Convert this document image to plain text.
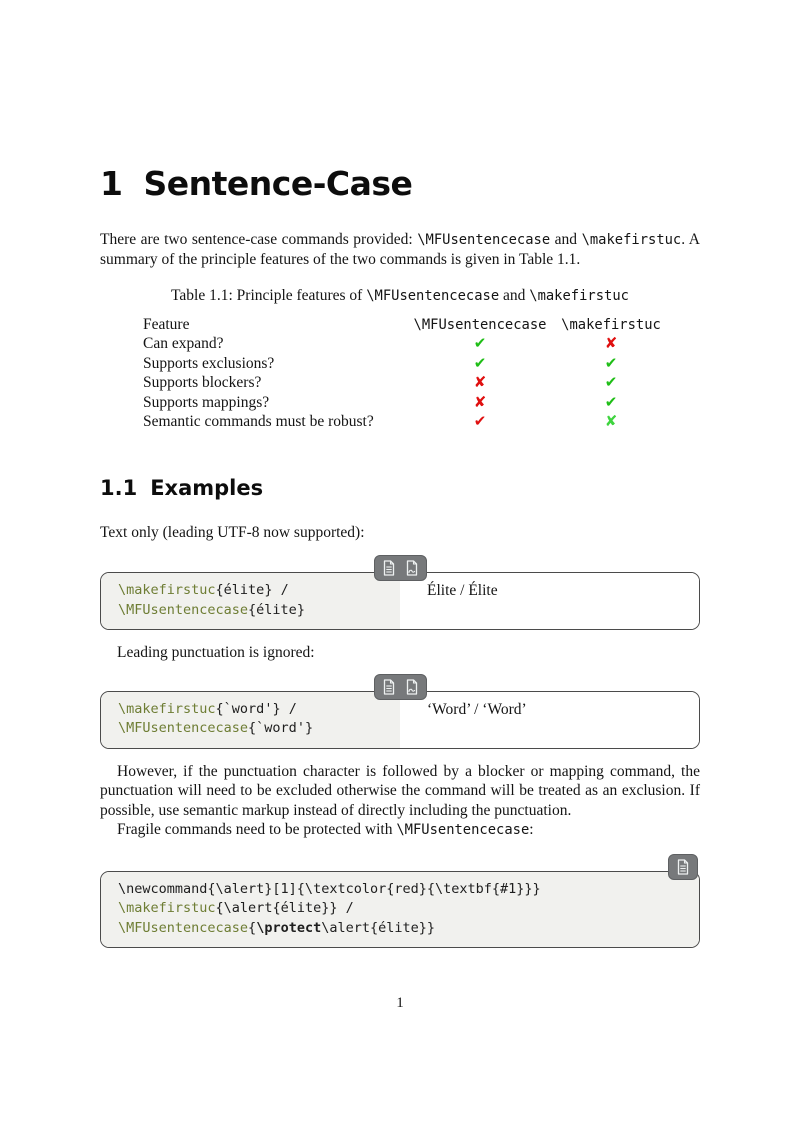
1 Sentence-Case

There are two sentence-case commands provided: \MFUsentencecase and \makefirstuc. A summary of the principle features of the two commands is given in Table 1.1.

Table 1.1: Principle features of \MFUsentencecase and \makefirstuc
Feature	\MFUsentencecase	\makefirstuc
Can expand?	✔	✘
Supports exclusions?	✔	✔
Supports blockers?	✘	✔
Supports mappings?	✘	✔
Semantic commands must be robust?	✔	✘
1.1 Examples

Text only (leading UTF-8 now supported):

\makefirstuc{élite} /
\MFUsentencecase{élite}
Élite / Élite

Leading punctuation is ignored:

\makefirstuc{`word'} /
\MFUsentencecase{`word'}
‘Word’ / ‘Word’

However, if the punctuation character is followed by a blocker or mapping command, the punctuation will need to be excluded otherwise the command will be treated as an exclusion. If possible, use semantic markup instead of directly including the punctuation.

Fragile commands need to be protected with \MFUsentencecase:

\newcommand{\alert}[1]{\textcolor{red}{\textbf{#1}}}
\makefirstuc{\alert{élite}} /
\MFUsentencecase{\protect\alert{élite}}
1
